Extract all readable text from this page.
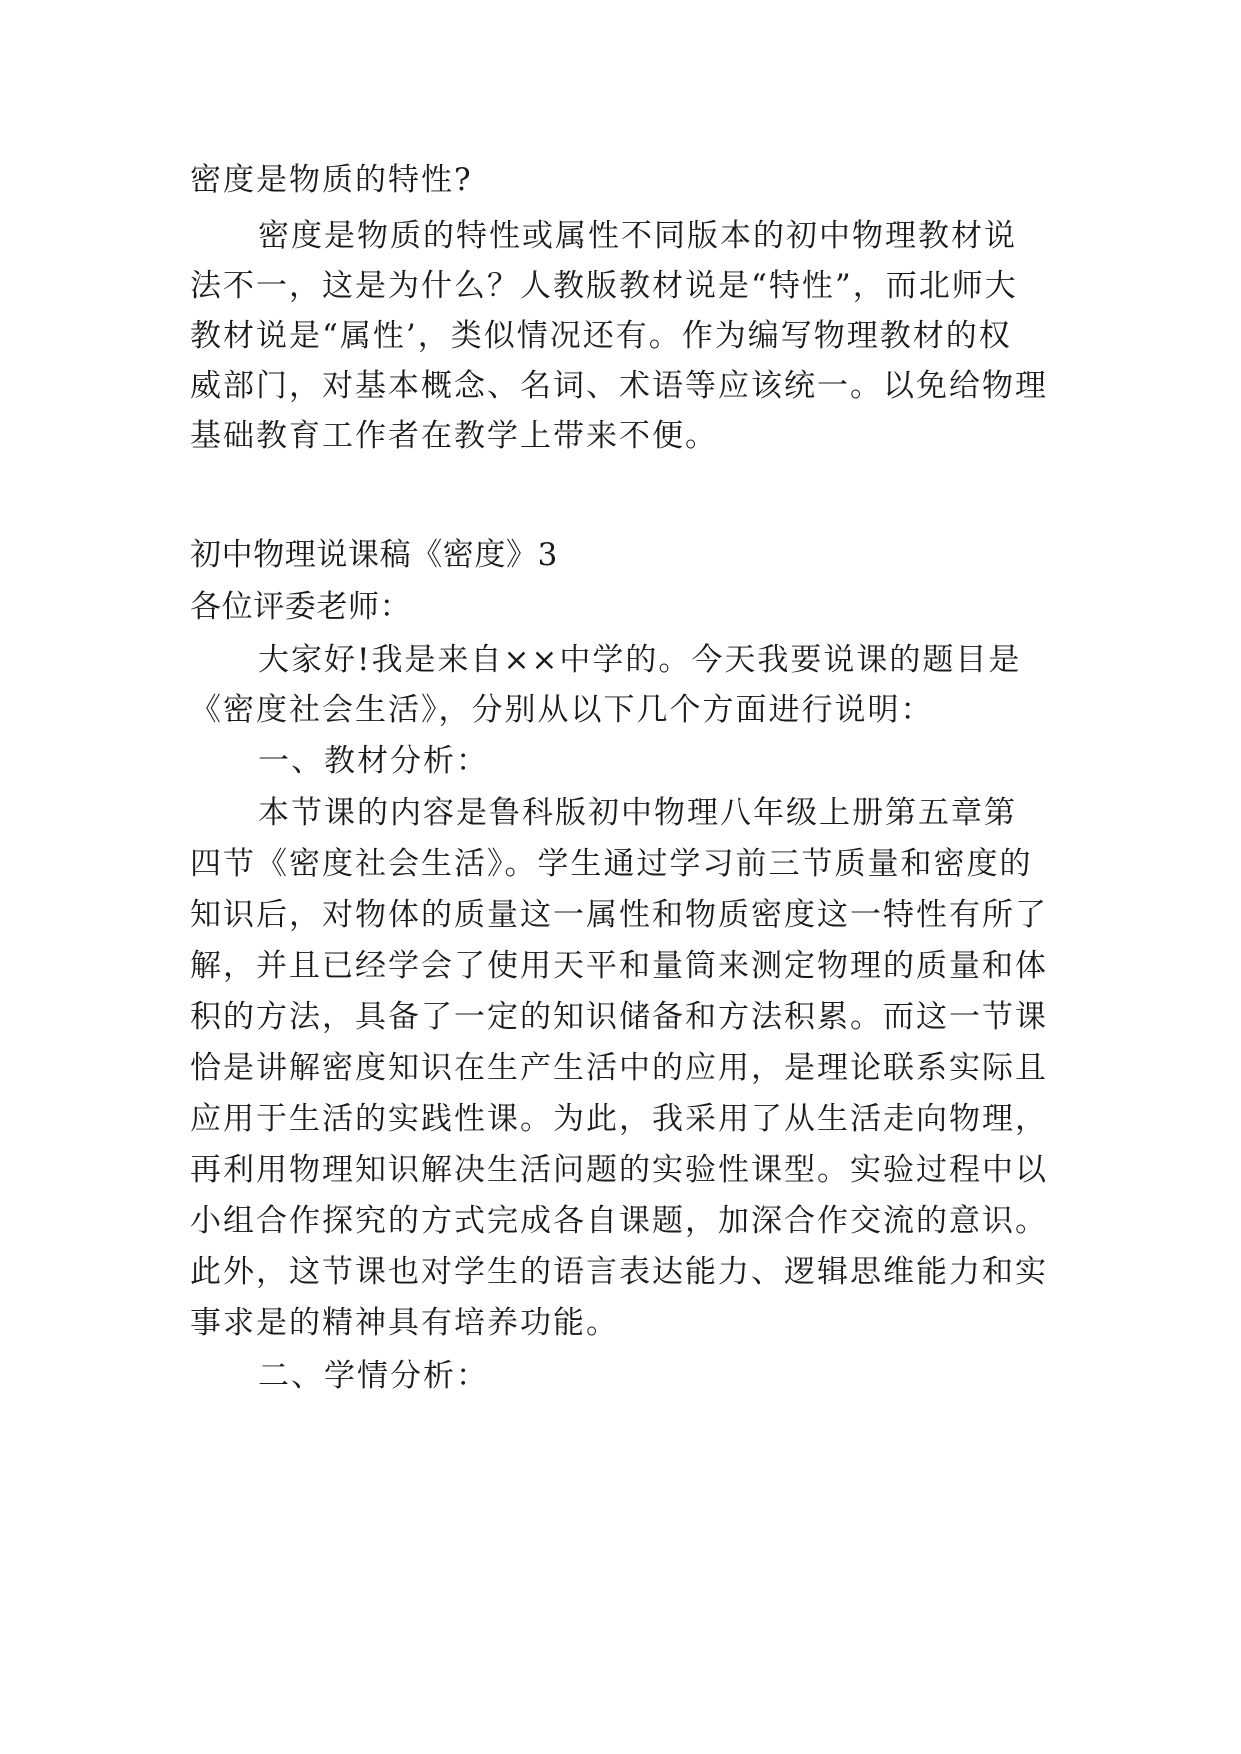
密度是物质的特性?
密度是物质的特性或属性不同版本的初中物理教材说
法不一，这是为什么？人教版教材说是“特性”，而北师大
教材说是“属性’，类似情况还有。作为编写物理教材的权
威部门，对基本概念、名词、术语等应该统一。以免给物理
基础教育工作者在教学上带来不便。
初中物理说课稿《密度》3
各位评委老师：
大家好!我是来自××中学的。今天我要说课的题目是
《密度社会生活》，分别从以下几个方面进行说明：
一、教材分析：
本节课的内容是鲁科版初中物理八年级上册第五章第
四节《密度社会生活》。学生通过学习前三节质量和密度的
知识后，对物体的质量这一属性和物质密度这一特性有所了
解，并且已经学会了使用天平和量筒来测定物理的质量和体
积的方法，具备了一定的知识储备和方法积累。而这一节课
恰是讲解密度知识在生产生活中的应用，是理论联系实际且
应用于生活的实践性课。为此，我采用了从生活走向物理，
再利用物理知识解决生活问题的实验性课型。实验过程中以
小组合作探究的方式完成各自课题，加深合作交流的意识。
此外，这节课也对学生的语言表达能力、逻辑思维能力和实
事求是的精神具有培养功能。
二、学情分析：
